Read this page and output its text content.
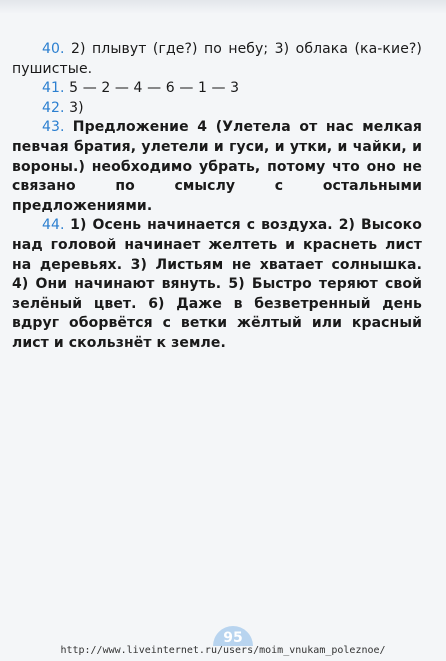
40. 2) плывут (где?) по небу; 3) облака (ка-кие?) пушистые.

41. 5 — 2 — 4 — 6 — 1 — 3

42. 3)

43. Предложение 4 (Улетела от нас мелкая певчая братия, улетели и гуси, и утки, и чайки, и вороны.) необходимо убрать, потому что оно не связано по смыслу с остальными предложениями.

44. 1) Осень начинается с воздуха. 2) Высоко над головой начинает желтеть и краснеть лист на деревьях. 3) Листьям не хватает солнышка. 4) Они начинают вянуть. 5) Быстро теряют свой зелёный цвет. 6) Даже в безветренный день вдруг оборвётся с ветки жёлтый или красный лист и скользнёт к земле.

95
http://www.liveinternet.ru/users/moim_vnukam_poleznoe/
